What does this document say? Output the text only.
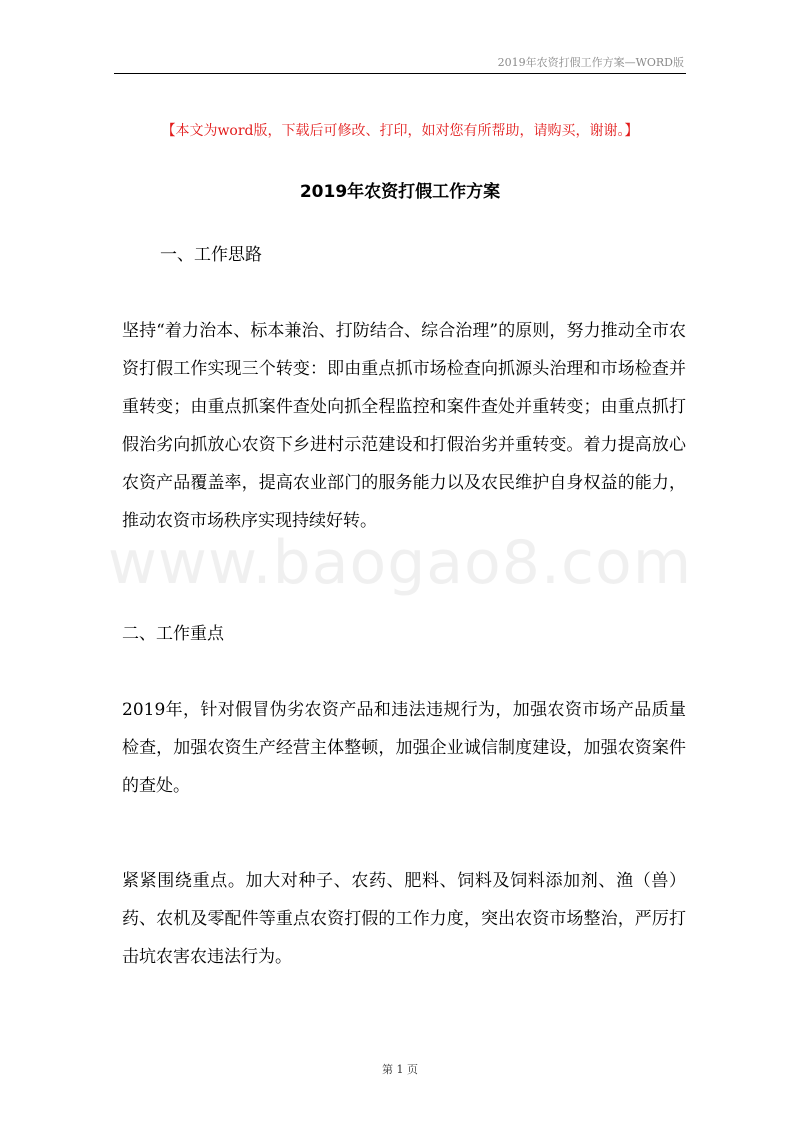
2019年农资打假工作方案—WORD版
【本文为word版，下载后可修改、打印，如对您有所帮助，请购买，谢谢。】
2019年农资打假工作方案
一、工作思路

坚持“着力治本、标本兼治、打防结合、综合治理”的原则，努力推动全市农资打假工作实现三个转变：即由重点抓市场检查向抓源头治理和市场检查并重转变；由重点抓案件查处向抓全程监控和案件查处并重转变；由重点抓打假治劣向抓放心农资下乡进村示范建设和打假治劣并重转变。着力提高放心农资产品覆盖率，提高农业部门的服务能力以及农民维护自身权益的能力，推动农资市场秩序实现持续好转。

www.baogao8.com
二、工作重点

2019年，针对假冒伪劣农资产品和违法违规行为，加强农资市场产品质量检查，加强农资生产经营主体整顿，加强企业诚信制度建设，加强农资案件的查处。

紧紧围绕重点。加大对种子、农药、肥料、饲料及饲料添加剂、渔（兽）药、农机及零配件等重点农资打假的工作力度，突出农资市场整治，严厉打击坑农害农违法行为。

第 1 页
